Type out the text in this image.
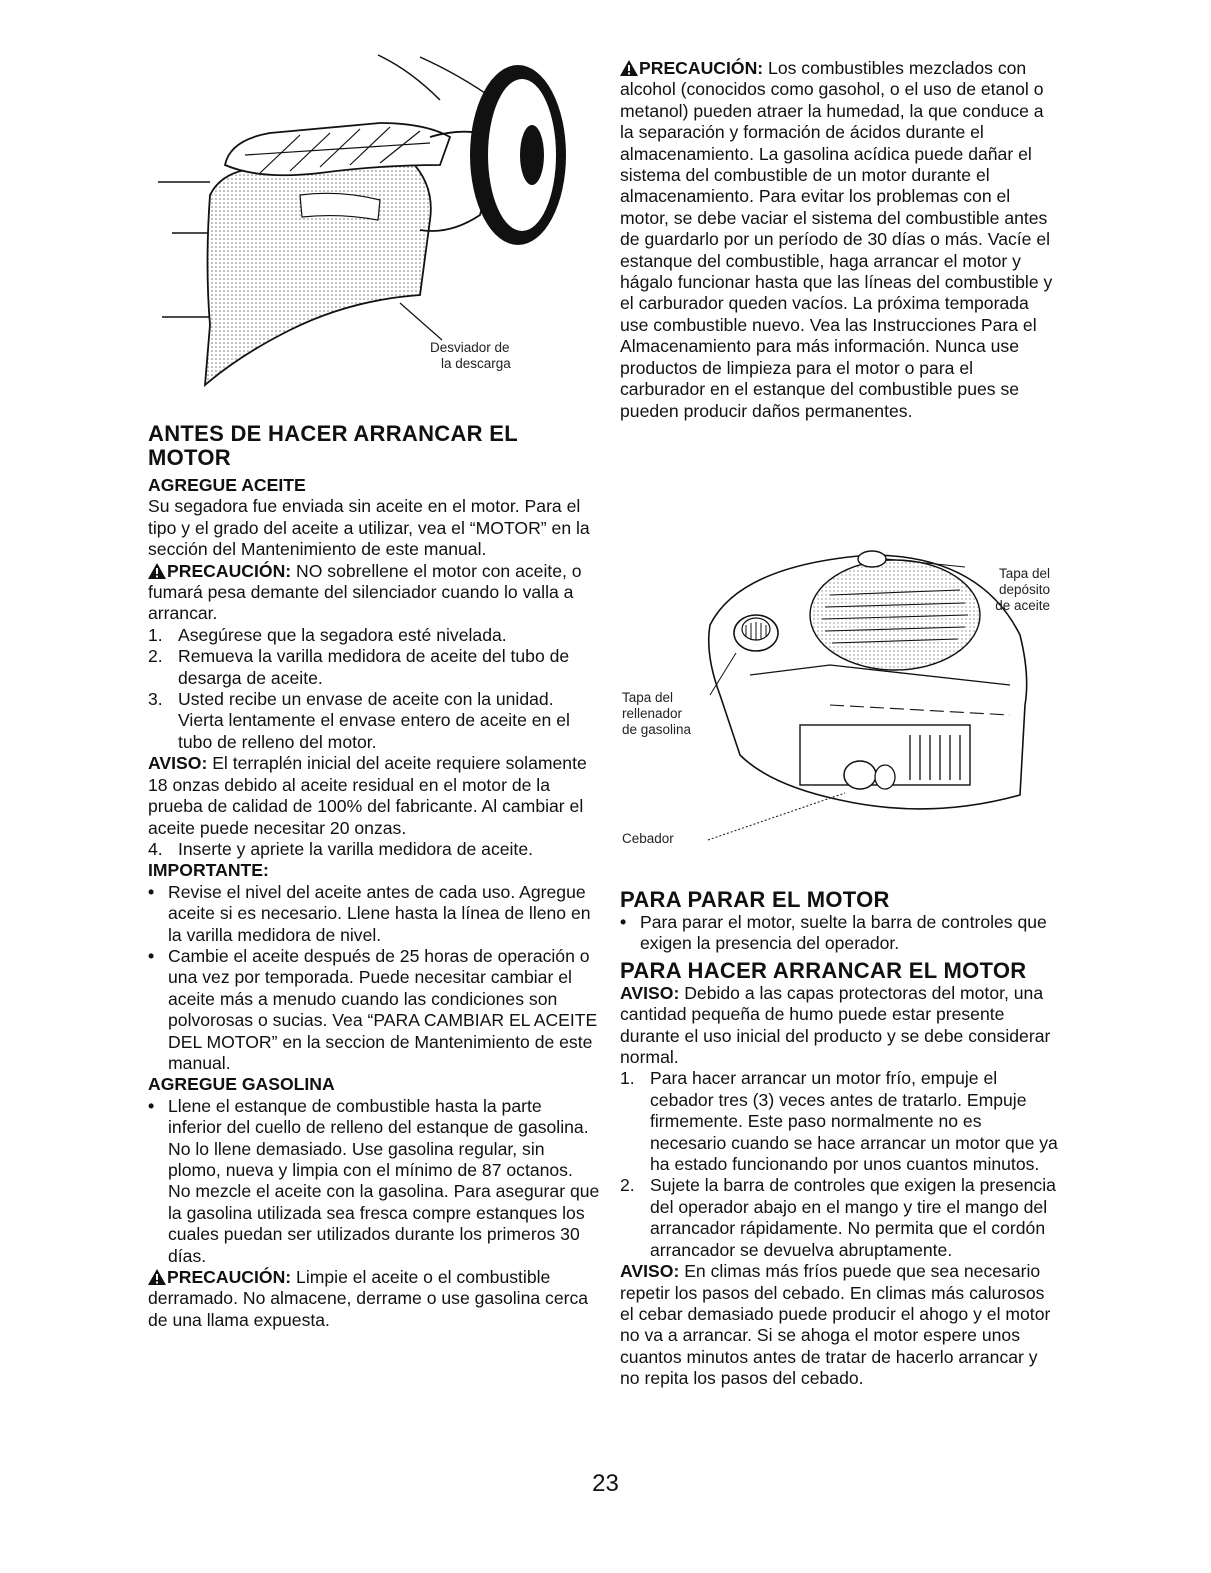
Desviador de
la descarga
ANTES DE HACER ARRANCAR EL
MOTOR
AGREGUE ACEITE

Su segadora fue enviada sin aceite en el motor. Para el tipo y el grado del aceite a utilizar, vea el “MOTOR” en la sección del Mantenimiento de este manual.

PRECAUCIÓN: NO sobrellene el motor con aceite, o fumará pesa demante del silenciador cuando lo valla a arrancar.

1. Asegúrese que la segadora esté nivelada.
2. Remueva la varilla medidora de aceite del tubo de desarga de aceite.
3. Usted recibe un envase de aceite con la unidad. Vierta lentamente el envase entero de aceite en el tubo de relleno del motor.

AVISO: El terraplén inicial del aceite requiere solamente 18 onzas debido al aceite residual en el motor de la prueba de calidad de 100% del fabricante. Al cambiar el aceite puede necesitar 20 onzas.

4. Inserte y apriete la varilla medidora de aceite.
IMPORTANTE:
• Revise el nivel del aceite antes de cada uso. Agregue aceite si es necesario. Llene hasta la línea de lleno en la varilla medidora de nivel.
• Cambie el aceite después de 25 horas de operación o una vez por temporada. Puede necesitar cambiar el aceite más a menudo cuando las condiciones son polvorosas o sucias. Vea “PARA CAMBIAR EL ACEITE DEL MOTOR” en la seccion de Mantenimiento de este manual.
AGREGUE GASOLINA
• Llene el estanque de combustible hasta la parte inferior del cuello de relleno del estanque de gasolina. No lo llene demasiado. Use gasolina regular, sin plomo, nueva y limpia con el mínimo de 87 octanos. No mezcle el aceite con la gasolina. Para asegurar que la gasolina utilizada sea fresca compre estanques los cuales puedan ser utilizados durante los primeros 30 días.

PRECAUCIÓN: Limpie el aceite o el combustible derramado. No almacene, derrame o use gasolina cerca de una llama expuesta.

PRECAUCIÓN: Los combustibles mezclados con alcohol (conocidos como gasohol, o el uso de etanol o metanol) pueden atraer la humedad, la que conduce a la separación y formación de ácidos durante el almacenamiento. La gasolina acídica puede dañar el sistema del combustible de un motor durante el almacenamiento. Para evitar los problemas con el motor, se debe vaciar el sistema del combustible antes de guardarlo por un período de 30 días o más. Vacíe el estanque del combustible, haga arrancar el motor y hágalo funcionar hasta que las líneas del combustible y el carburador queden vacíos. La próxima temporada use combustible nuevo. Vea las Instrucciones Para el Almacenamiento para más información. Nunca use productos de limpieza para el motor o para el carburador en el estanque del combustible pues se pueden producir daños permanentes.

Tapa del
depósito
de aceite
Tapa del
rellenador
de gasolina
Cebador
PARA PARAR EL MOTOR
• Para parar el motor, suelte la barra de controles que exigen la presencia del operador.
PARA HACER ARRANCAR EL MOTOR

AVISO: Debido a las capas protectoras del motor, una cantidad pequeña de humo puede estar presente durante el uso inicial del producto y se debe considerar normal.

1. Para hacer arrancar un motor frío, empuje el cebador tres (3) veces antes de tratarlo. Empuje firmemente. Este paso normalmente no es necesario cuando se hace arrancar un motor que ya ha estado funcionando por unos cuantos minutos.
2. Sujete la barra de controles que exigen la presencia del operador abajo en el mango y tire el mango del arrancador rápidamente. No permita que el cordón arrancador se devuelva abruptamente.

AVISO: En climas más fríos puede que sea necesario repetir los pasos del cebado. En climas más calurosos el cebar demasiado puede producir el ahogo y el motor no va a arrancar. Si se ahoga el motor espere unos cuantos minutos antes de tratar de hacerlo arrancar y no repita los pasos del cebado.

23
